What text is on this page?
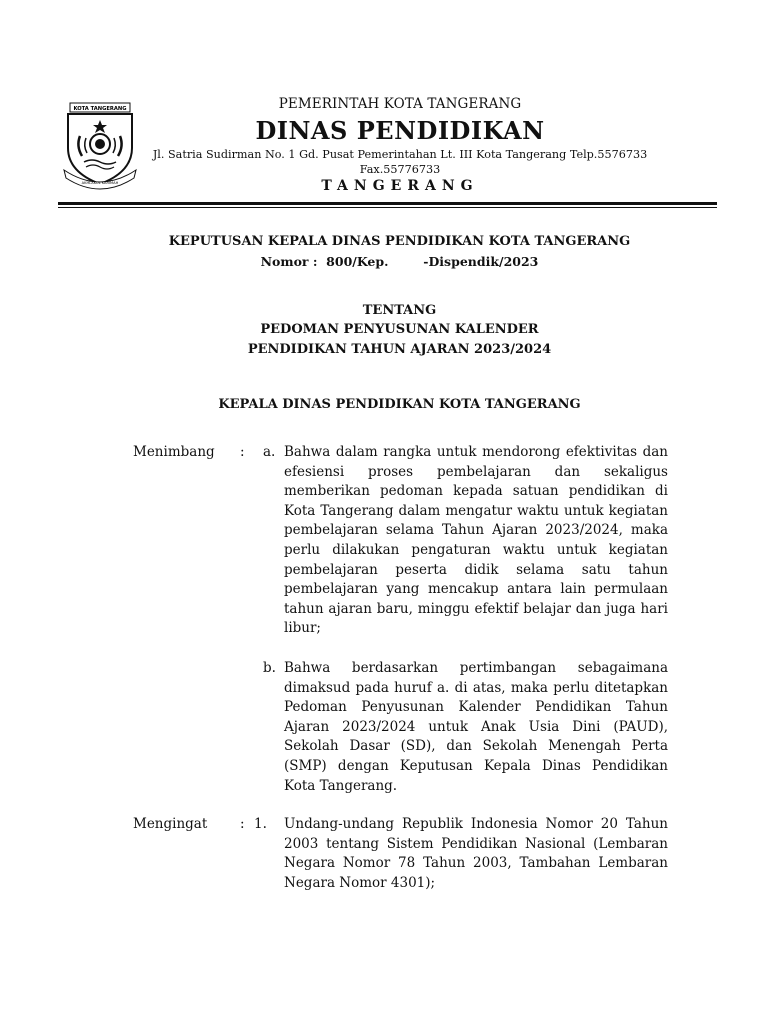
KOTA TANGERANG
AKHLAKUL KARIMAH
PEMERINTAH KOTA TANGERANG
DINAS PENDIDIKAN
Jl. Satria Sudirman No. 1 Gd. Pusat Pemerintahan Lt. III Kota Tangerang Telp.5576733
Fax.55776733
TANGERANG
KEPUTUSAN KEPALA DINAS PENDIDIKAN KOTA TANGERANG
Nomor :  800/Kep.        -Dispendik/2023
TENTANG
PEDOMAN PENYUSUNAN KALENDER
PENDIDIKAN TAHUN AJARAN 2023/2024
KEPALA DINAS PENDIDIKAN KOTA TANGERANG
Menimbang : a. Bahwa dalam rangka untuk mendorong efektivitas dan efesiensi proses pembelajaran dan sekaligus memberikan pedoman kepada satuan pendidikan di Kota Tangerang dalam mengatur waktu untuk kegiatan pembelajaran selama Tahun Ajaran 2023/2024, maka perlu dilakukan pengaturan waktu untuk kegiatan pembelajaran peserta didik selama satu tahun pembelajaran yang mencakup antara lain permulaan tahun ajaran baru, minggu efektif belajar dan juga hari libur;
b. Bahwa berdasarkan pertimbangan sebagaimana dimaksud pada huruf a. di atas, maka perlu ditetapkan Pedoman Penyusunan Kalender Pendidikan Tahun Ajaran 2023/2024 untuk Anak Usia Dini (PAUD), Sekolah Dasar (SD), dan Sekolah Menengah Perta (SMP) dengan Keputusan Kepala Dinas Pendidikan Kota Tangerang.
Mengingat : 1. Undang-undang Republik Indonesia Nomor 20 Tahun 2003 tentang Sistem Pendidikan Nasional (Lembaran Negara Nomor 78 Tahun 2003, Tambahan Lembaran Negara Nomor 4301);
